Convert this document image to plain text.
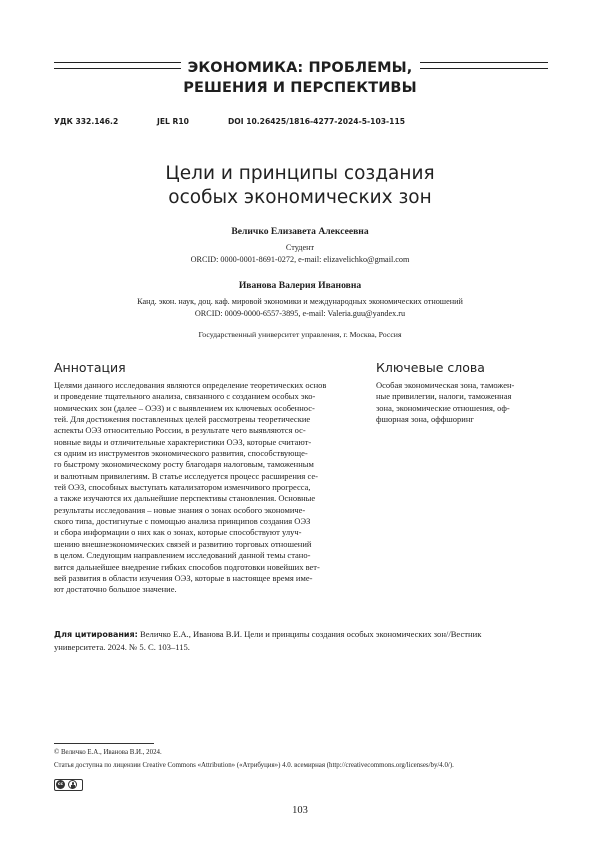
ЭКОНОМИКА: ПРОБЛЕМЫ,
РЕШЕНИЯ И ПЕРСПЕКТИВЫ
УДК 332.146.2	JEL R10	DOI 10.26425/1816-4277-2024-5-103-115
Цели и принципы создания
особых экономических зон
Величко Елизавета Алексеевна
Студент
ORCID: 0000-0001-8691-0272, e-mail: elizavelichko@gmail.com
Иванова Валерия Ивановна
Канд. экон. наук, доц. каф. мировой экономики и международных экономических отношений
ORCID: 0009-0000-6557-3895, e-mail: Valeria.guu@yandex.ru
Государственный университет управления, г. Москва, Россия
Аннотация
Целями данного исследования являются определение теоретических основ
и проведение тщательного анализа, связанного с созданием особых эко-
номических зон (далее – ОЭЗ) и с выявлением их ключевых особеннос-
тей. Для достижения поставленных целей рассмотрены теоретические
аспекты ОЭЗ относительно России, в результате чего выявляются ос-
новные виды и отличительные характеристики ОЭЗ, которые считают-
ся одним из инструментов экономического развития, способствующе-
го быстрому экономическому росту благодаря налоговым, таможенным
и валютным привилегиям. В статье исследуется процесс расширения се-
тей ОЭЗ, способных выступать катализатором изменчивого прогресса,
а также изучаются их дальнейшие перспективы становления. Основные
результаты исследования – новые знания о зонах особого экономиче-
ского типа, достигнутые с помощью анализа принципов создания ОЭЗ
и сбора информации о них как о зонах, которые способствуют улуч-
шению внешнеэкономических связей и развитию торговых отношений
в целом. Следующим направлением исследований данной темы стано-
вится дальнейшее внедрение гибких способов подготовки новейших вет-
вей развития в области изучения ОЭЗ, которые в настоящее время име-
ют достаточно большое значение.
Ключевые слова
Особая экономическая зона, таможен-
ные привилегии, налоги, таможенная
зона, экономические отношения, оф-
фшорная зона, оффшоринг
Для цитирования: Величко Е.А., Иванова В.И. Цели и принципы создания особых экономических зон//Вестник
университета. 2024. № 5. С. 103–115.
© Величко Е.А., Иванова В.И., 2024.
Статья доступна по лицензии Creative Commons «Attribution» («Атрибуция») 4.0. всемирная (http://creativecommons.org/licenses/by/4.0/).
cc
103
